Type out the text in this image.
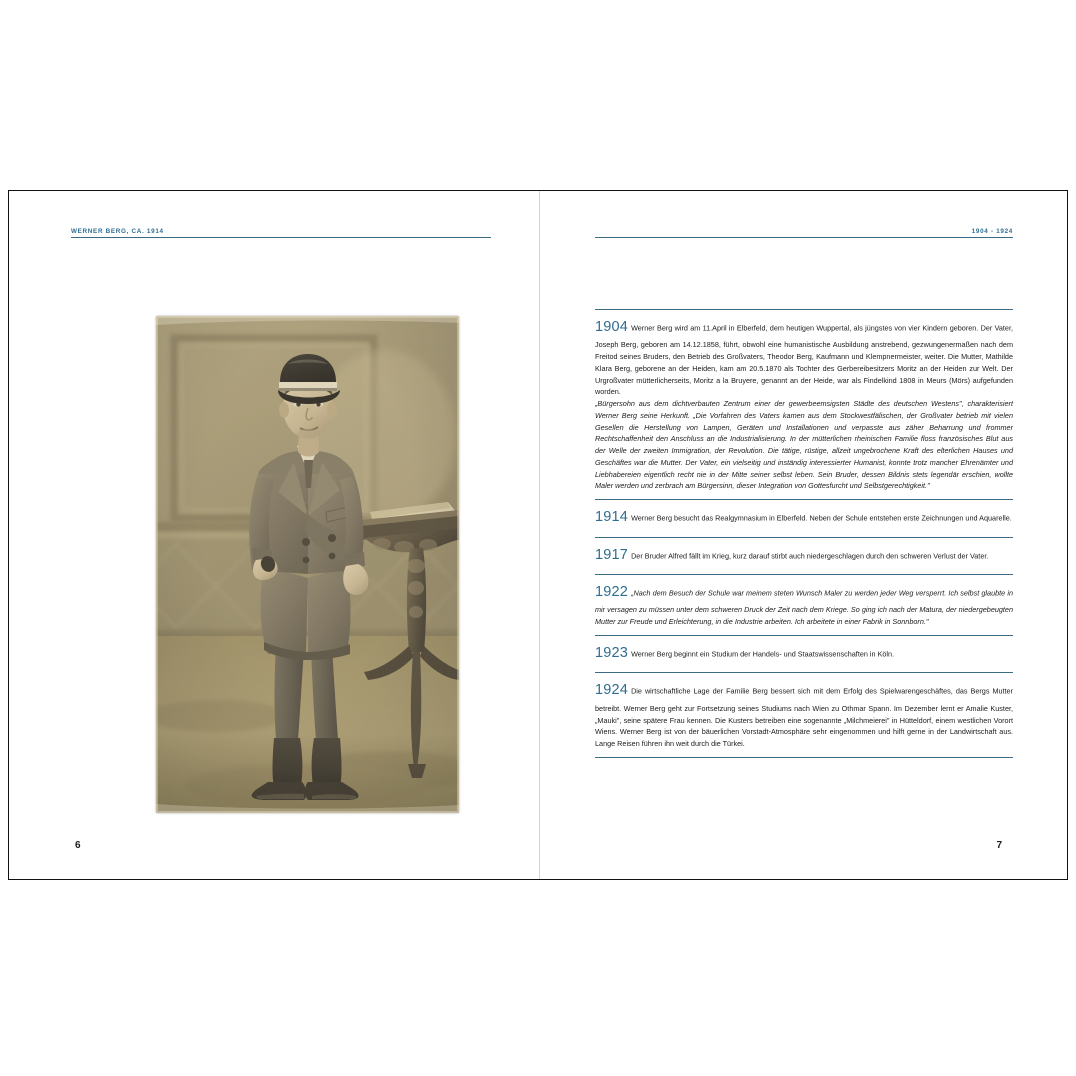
WERNER BERG, CA. 1914
6
1904 - 1924

1904 Werner Berg wird am 11.April in Elberfeld, dem heutigen Wuppertal, als jüngstes von vier Kindern geboren. Der Vater, Joseph Berg, geboren am 14.12.1858, führt, obwohl eine humanistische Ausbildung anstrebend, gezwungenermaßen nach dem Freitod seines Bruders, den Betrieb des Großvaters, Theodor Berg, Kaufmann und Klempnermeister, weiter. Die Mutter, Mathilde Klara Berg, geborene an der Heiden, kam am 20.5.1870 als Tochter des Gerbereibesitzers Moritz an der Heiden zur Welt. Der Urgroßvater mütterlicherseits, Moritz a la Bruyere, genannt an der Heide, war als Findelkind 1808 in Meurs (Mörs) aufgefunden worden.

„Bürgersohn aus dem dichtverbauten Zentrum einer der gewerbeemsigsten Städte des deutschen Westens", charakterisiert Werner Berg seine Herkunft. „Die Vorfahren des Vaters kamen aus dem Stockwestfälischen, der Großvater betrieb mit vielen Gesellen die Herstellung von Lampen, Geräten und Installationen und verpasste aus zäher Beharrung und frommer Rechtschaffenheit den Anschluss an die Industrialisierung. In der mütterlichen rheinischen Familie floss französisches Blut aus der Welle der zweiten Immigration, der Revolution. Die tätige, rüstige, allzeit ungebrochene Kraft des elterlichen Hauses und Geschäftes war die Mutter. Der Vater, ein vielseitig und inständig interessierter Humanist, konnte trotz mancher Ehrenämter und Liebhabereien eigentlich recht nie in der Mitte seiner selbst leben. Sein Bruder, dessen Bildnis stets legendär erschien, wollte Maler werden und zerbrach am Bürgersinn, dieser Integration von Gottesfurcht und Selbstgerechtigkeit."

1914 Werner Berg besucht das Realgymnasium in Elberfeld. Neben der Schule entstehen erste Zeichnungen und Aquarelle.

1917 Der Bruder Alfred fällt im Krieg, kurz darauf stirbt auch niedergeschlagen durch den schweren Verlust der Vater.

1922 „Nach dem Besuch der Schule war meinem steten Wunsch Maler zu werden jeder Weg versperrt. Ich selbst glaubte in mir versagen zu müssen unter dem schweren Druck der Zeit nach dem Kriege. So ging ich nach der Matura, der niedergebeugten Mutter zur Freude und Erleichterung, in die Industrie arbeiten. Ich arbeitete in einer Fabrik in Sonnborn."

1923 Werner Berg beginnt ein Studium der Handels- und Staatswissenschaften in Köln.

1924 Die wirtschaftliche Lage der Familie Berg bessert sich mit dem Erfolg des Spielwarengeschäftes, das Bergs Mutter betreibt. Werner Berg geht zur Fortsetzung seines Studiums nach Wien zu Othmar Spann. Im Dezember lernt er Amalie Kuster, „Mauki", seine spätere Frau kennen. Die Kusters betreiben eine sogenannte „Milchmeierei" in Hütteldorf, einem westlichen Vorort Wiens. Werner Berg ist von der bäuerlichen Vorstadt-Atmosphäre sehr eingenommen und hilft gerne in der Landwirtschaft aus. Lange Reisen führen ihn weit durch die Türkei.

7
